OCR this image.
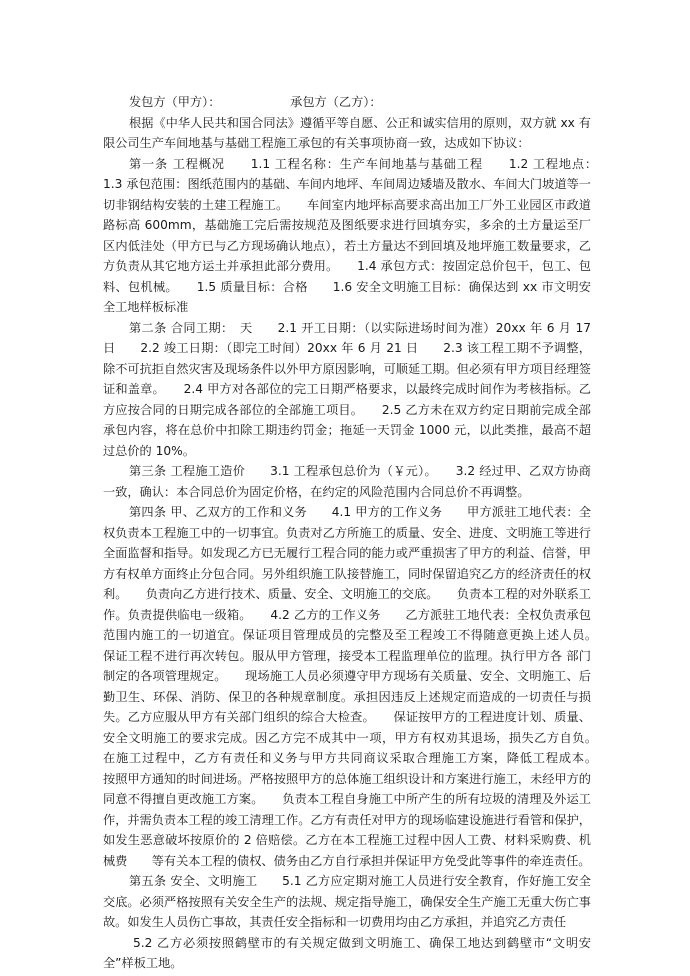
发包方（甲方）：	承包方（乙方）：

根据《中华人民共和国合同法》遵循平等自愿、公正和诚实信用的原则，双方就 xx 有限公司生产车间地基与基础工程施工承包的有关事项协商一致，达成如下协议：

第一条 工程概况　　1.1 工程名称：生产车间地基与基础工程　　1.2 工程地点：　　1.3 承包范围：图纸范围内的基础、车间内地坪、车间周边矮墙及散水、车间大门坡道等一切非钢结构安装的土建工程施工。　　车间室内地坪标高要求高出加工厂外工业园区市政道路标高 600mm，基础施工完后需按规范及图纸要求进行回填夯实，多余的土方量运至厂区内低洼处（甲方已与乙方现场确认地点），若土方量达不到回填及地坪施工数量要求，乙方负责从其它地方运土并承担此部分费用。　　1.4 承包方式：按固定总价包干，包工、包料、包机械。　　1.5 质量目标：合格　　1.6 安全文明施工目标：确保达到 xx 市文明安全工地样板标准

第二条 合同工期：　天　　2.1 开工日期：（以实际进场时间为准）20xx 年 6 月 17 日　　2.2 竣工日期：（即完工时间）20xx 年 6 月 21 日　　2.3 该工程工期不予调整，除不可抗拒自然灾害及现场条件以外甲方原因影响，可顺延工期。但必须有甲方项目经理签证和盖章。　　2.4 甲方对各部位的完工日期严格要求，以最终完成时间作为考核指标。乙方应按合同的日期完成各部位的全部施工项目。　　2.5 乙方未在双方约定日期前完成全部承包内容，将在总价中扣除工期违约罚金；拖延一天罚金 1000 元，以此类推，最高不超过总价的 10%。

第三条 工程施工造价　　3.1 工程承包总价为（￥元）。　　3.2 经过甲、乙双方协商一致，确认：本合同总价为固定价格，在约定的风险范围内合同总价不再调整。

第四条 甲、乙双方的工作和义务　　4.1 甲方的工作义务　　甲方派驻工地代表：全权负责本工程施工中的一切事宜。负责对乙方所施工的质量、安全、进度、文明施工等进行　　全面监督和指导。如发现乙方已无履行工程合同的能力或严重损害了甲方的利益、信誉，甲方有权单方面终止分包合同。另外组织施工队接替施工，同时保留追究乙方的经济责任的权利。　　负责向乙方进行技术、质量、安全、文明施工的交底。　　负责本工程的对外联系工作。负责提供临电一级箱。　　4.2 乙方的工作义务　　乙方派驻工地代表：全权负责承包范围内施工的一切道宜。保证项目管理成员的完整及至工程竣工不得随意更换上述人员。　　保证工程不进行再次转包。服从甲方管理，接受本工程监理单位的监理。执行甲方各 部门制定的各项管理规定。　　现场施工人员必须遵守甲方现场有关质量、安全、文明施工、后勤卫生、环保、消防、保卫的各种规章制度。承担因违反上述规定而造成的一切责任与损失。乙方应服从甲方有关部门组织的综合大检查。　　保证按甲方的工程进度计划、质量、安全文明施工的要求完成。因乙方完不成其中一项，甲方有权劝其退场，损失乙方自负。　　在施工过程中，乙方有责任和义务与甲方共同商议采取合理施工方案，降低工程成本。　　按照甲方通知的时间进场。严格按照甲方的总体施工组织设计和方案进行施工，未经甲方的同意不得擅自更改施工方案。　　负责本工程自身施工中所产生的所有垃圾的清理及外运工作，并需负责本工程的竣工清理工作。乙方有责任对甲方的现场临建设施进行看管和保护，如发生恶意破坏按原价的 2 倍赔偿。乙方在本工程施工过程中因人工费、材料采购费、机械费　　等有关本工程的债权、债务由乙方自行承担并保证甲方免受此等事件的牵连责任。

第五条 安全、文明施工　　5.1 乙方应定期对施工人员进行安全教育，作好施工安全交底。必须严格按照有关安全生产的法规、规定指导施工，确保安全生产施工无重大伤亡事故。如发生人员伤亡事故，其责任安全指标和一切费用均由乙方承担，并追究乙方责任

5.2 乙方必须按照鹤壁市的有关规定做到文明施工、确保工地达到鹤壁市“文明安全”样板工地。
